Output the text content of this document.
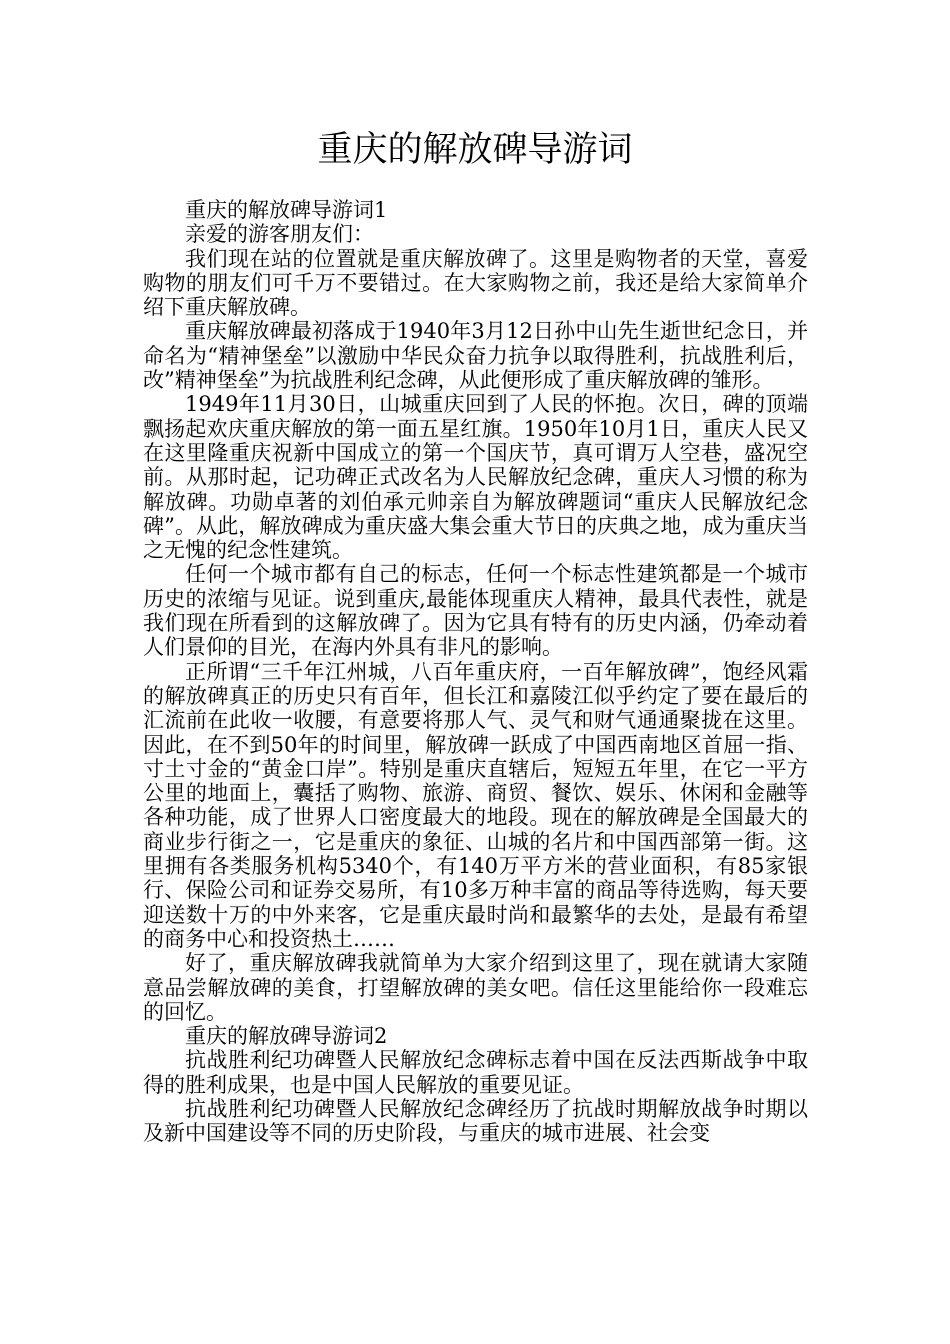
重庆的解放碑导游词

重庆的解放碑导游词1

亲爱的游客朋友们：

我们现在站的位置就是重庆解放碑了。这里是购物者的天堂，喜爱购物的朋友们可千万不要错过。在大家购物之前，我还是给大家简单介绍下重庆解放碑。

重庆解放碑最初落成于1940年3月12日孙中山先生逝世纪念日，并命名为“精神堡垒”以激励中华民众奋力抗争以取得胜利，抗战胜利后，改”精神堡垒”为抗战胜利纪念碑，从此便形成了重庆解放碑的雏形。

1949年11月30日，山城重庆回到了人民的怀抱。次日，碑的顶端飘扬起欢庆重庆解放的第一面五星红旗。1950年10月1日，重庆人民又在这里隆重庆祝新中国成立的第一个国庆节，真可谓万人空巷，盛况空前。从那时起，记功碑正式改名为人民解放纪念碑，重庆人习惯的称为解放碑。功勋卓著的刘伯承元帅亲自为解放碑题词“重庆人民解放纪念碑”。从此，解放碑成为重庆盛大集会重大节日的庆典之地，成为重庆当之无愧的纪念性建筑。

任何一个城市都有自己的标志，任何一个标志性建筑都是一个城市历史的浓缩与见证。说到重庆,最能体现重庆人精神，最具代表性，就是我们现在所看到的这解放碑了。因为它具有特有的历史内涵，仍牵动着人们景仰的目光，在海内外具有非凡的影响。

正所谓“三千年江州城，八百年重庆府，一百年解放碑”，饱经风霜的解放碑真正的历史只有百年，但长江和嘉陵江似乎约定了要在最后的汇流前在此收一收腰，有意要将那人气、灵气和财气通通聚拢在这里。因此，在不到50年的时间里，解放碑一跃成了中国西南地区首屈一指、寸土寸金的“黄金口岸”。特别是重庆直辖后，短短五年里，在它一平方公里的地面上，囊括了购物、旅游、商贸、餐饮、娱乐、休闲和金融等各种功能，成了世界人口密度最大的地段。现在的解放碑是全国最大的商业步行街之一，它是重庆的象征、山城的名片和中国西部第一街。这里拥有各类服务机构5340个，有140万平方米的营业面积，有85家银行、保险公司和证券交易所，有10多万种丰富的商品等待选购，每天要迎送数十万的中外来客，它是重庆最时尚和最繁华的去处，是最有希望的商务中心和投资热土……

好了，重庆解放碑我就简单为大家介绍到这里了，现在就请大家随意品尝解放碑的美食，打望解放碑的美女吧。信任这里能给你一段难忘的回忆。

重庆的解放碑导游词2

抗战胜利纪功碑暨人民解放纪念碑标志着中国在反法西斯战争中取得的胜利成果，也是中国人民解放的重要见证。

抗战胜利纪功碑暨人民解放纪念碑经历了抗战时期解放战争时期以及新中国建设等不同的历史阶段，与重庆的城市进展、社会变
